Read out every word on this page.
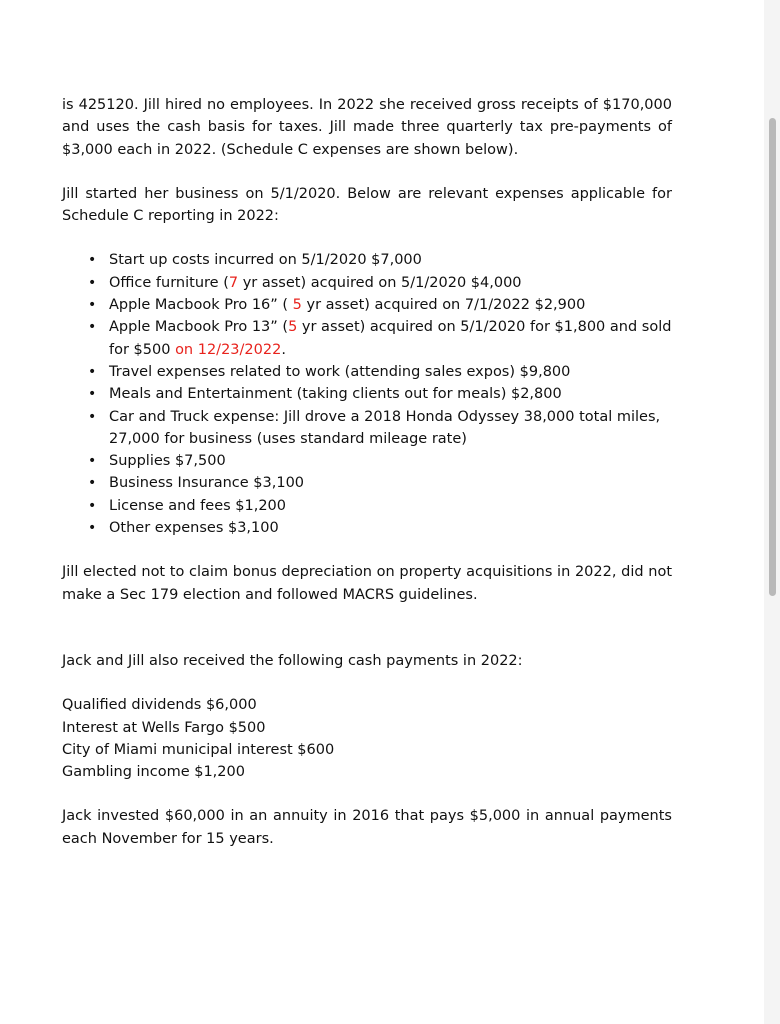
is 425120. Jill hired no employees. In 2022 she received gross receipts of $170,000 and uses the cash basis for taxes. Jill made three quarterly tax pre-payments of $3,000 each in 2022. (Schedule C expenses are shown below).

Jill started her business on 5/1/2020. Below are relevant expenses applicable for Schedule C reporting in 2022:

• Start up costs incurred on 5/1/2020 $7,000
• Office furniture (7 yr asset) acquired on 5/1/2020 $4,000
• Apple Macbook Pro 16” ( 5 yr asset) acquired on 7/1/2022 $2,900
• Apple Macbook Pro 13” (5 yr asset) acquired on 5/1/2020 for $1,800 and sold for $500 on 12/23/2022.
• Travel expenses related to work (attending sales expos) $9,800
• Meals and Entertainment (taking clients out for meals) $2,800
• Car and Truck expense: Jill drove a 2018 Honda Odyssey 38,000 total miles, 27,000 for business (uses standard mileage rate)
• Supplies $7,500
• Business Insurance $3,100
• License and fees $1,200
• Other expenses $3,100

Jill elected not to claim bonus depreciation on property acquisitions in 2022, did not make a Sec 179 election and followed MACRS guidelines.

Jack and Jill also received the following cash payments in 2022:

Qualified dividends $6,000
Interest at Wells Fargo $500
City of Miami municipal interest $600
Gambling income $1,200

Jack invested $60,000 in an annuity in 2016 that pays $5,000 in annual payments each November for 15 years.
